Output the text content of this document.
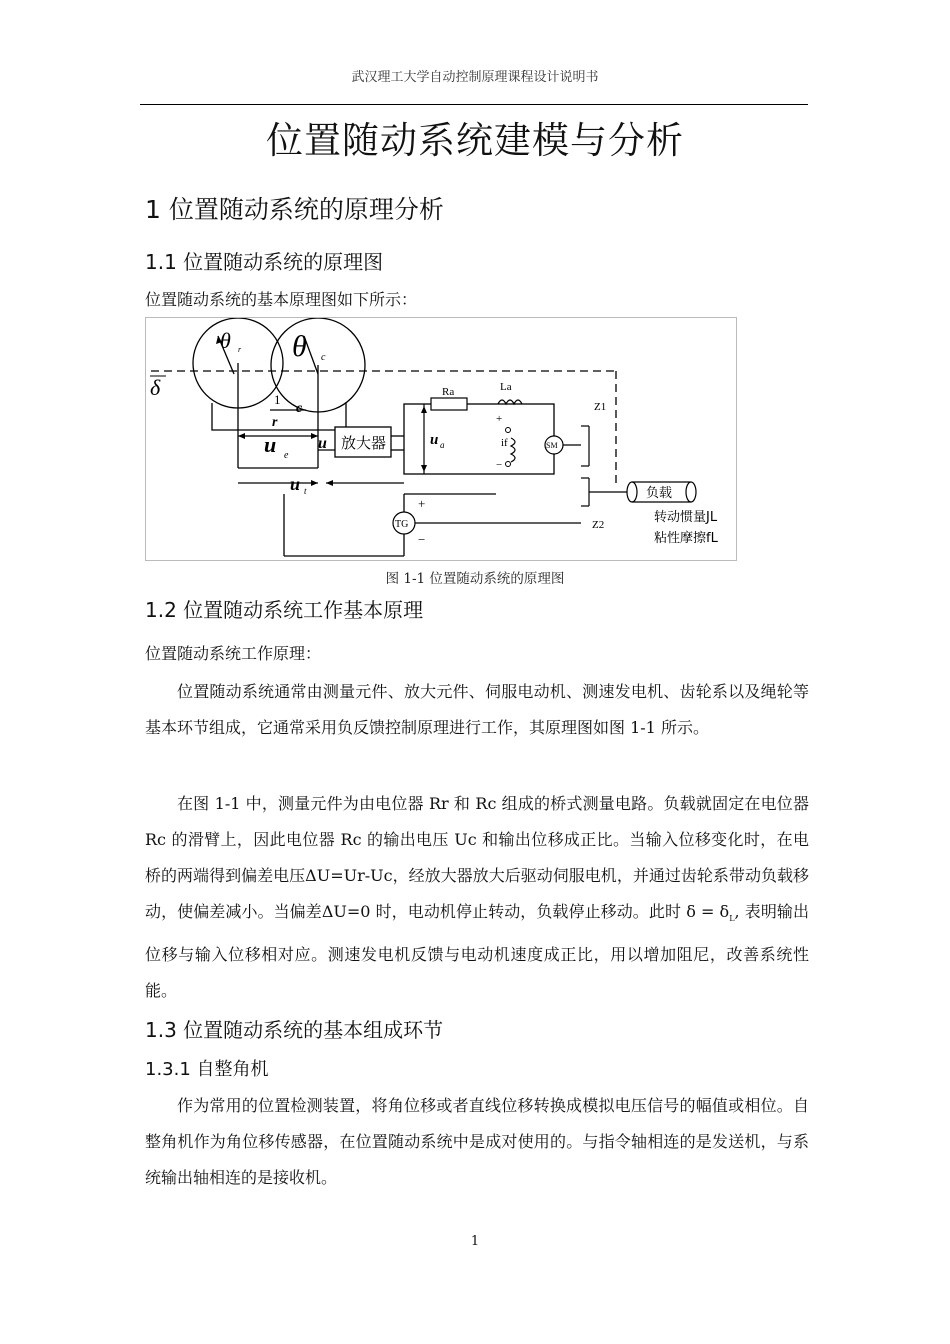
武汉理工大学自动控制原理课程设计说明书
位置随动系统建模与分析
1 位置随动系统的原理分析
1.1 位置随动系统的原理图
位置随动系统的基本原理图如下所示：
θ r θ c
δ	1
r
c
u e
放大器
u	u a
Ra	La
+
−
if	SM
Z1
Z2
负载
转动惯量JL
粘性摩擦fL
u t
TG
+
−
图 1-1 位置随动系统的原理图
1.2 位置随动系统工作基本原理
位置随动系统工作原理：
位置随动系统通常由测量元件、放大元件、伺服电动机、测速发电机、齿轮系以及绳轮等基本环节组成，它通常采用负反馈控制原理进行工作，其原理图如图 1-1 所示。
在图 1-1 中，测量元件为由电位器 Rr 和 Rc 组成的桥式测量电路。负载就固定在电位器 Rc 的滑臂上，因此电位器 Rc 的输出电压 Uc 和输出位移成正比。当输入位移变化时，在电桥的两端得到偏差电压ΔU=Ur-Uc，经放大器放大后驱动伺服电机，并通过齿轮系带动负载移动，使偏差减小。当偏差ΔU=0 时，电动机停止转动，负载停止移动。此时 $\delta = \delta_L$, 表明输出位移与输入位移相对应。测速发电机反馈与电动机速度成正比，用以增加阻尼，改善系统性能。
1.3 位置随动系统的基本组成环节
1.3.1 自整角机
作为常用的位置检测装置，将角位移或者直线位移转换成模拟电压信号的幅值或相位。自整角机作为角位移传感器，在位置随动系统中是成对使用的。与指令轴相连的是发送机，与系统输出轴相连的是接收机。
1
